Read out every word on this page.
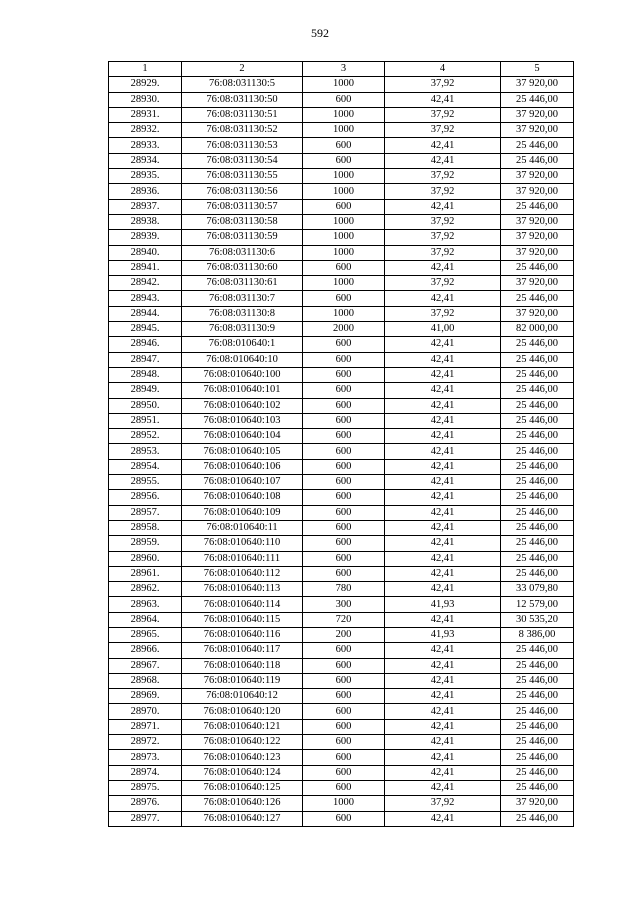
592
1	2	3	4	5
28929.	76:08:031130:5	1000	37,92	37 920,00
28930.	76:08:031130:50	600	42,41	25 446,00
28931.	76:08:031130:51	1000	37,92	37 920,00
28932.	76:08:031130:52	1000	37,92	37 920,00
28933.	76:08:031130:53	600	42,41	25 446,00
28934.	76:08:031130:54	600	42,41	25 446,00
28935.	76:08:031130:55	1000	37,92	37 920,00
28936.	76:08:031130:56	1000	37,92	37 920,00
28937.	76:08:031130:57	600	42,41	25 446,00
28938.	76:08:031130:58	1000	37,92	37 920,00
28939.	76:08:031130:59	1000	37,92	37 920,00
28940.	76:08:031130:6	1000	37,92	37 920,00
28941.	76:08:031130:60	600	42,41	25 446,00
28942.	76:08:031130:61	1000	37,92	37 920,00
28943.	76:08:031130:7	600	42,41	25 446,00
28944.	76:08:031130:8	1000	37,92	37 920,00
28945.	76:08:031130:9	2000	41,00	82 000,00
28946.	76:08:010640:1	600	42,41	25 446,00
28947.	76:08:010640:10	600	42,41	25 446,00
28948.	76:08:010640:100	600	42,41	25 446,00
28949.	76:08:010640:101	600	42,41	25 446,00
28950.	76:08:010640:102	600	42,41	25 446,00
28951.	76:08:010640:103	600	42,41	25 446,00
28952.	76:08:010640:104	600	42,41	25 446,00
28953.	76:08:010640:105	600	42,41	25 446,00
28954.	76:08:010640:106	600	42,41	25 446,00
28955.	76:08:010640:107	600	42,41	25 446,00
28956.	76:08:010640:108	600	42,41	25 446,00
28957.	76:08:010640:109	600	42,41	25 446,00
28958.	76:08:010640:11	600	42,41	25 446,00
28959.	76:08:010640:110	600	42,41	25 446,00
28960.	76:08:010640:111	600	42,41	25 446,00
28961.	76:08:010640:112	600	42,41	25 446,00
28962.	76:08:010640:113	780	42,41	33 079,80
28963.	76:08:010640:114	300	41,93	12 579,00
28964.	76:08:010640:115	720	42,41	30 535,20
28965.	76:08:010640:116	200	41,93	8 386,00
28966.	76:08:010640:117	600	42,41	25 446,00
28967.	76:08:010640:118	600	42,41	25 446,00
28968.	76:08:010640:119	600	42,41	25 446,00
28969.	76:08:010640:12	600	42,41	25 446,00
28970.	76:08:010640:120	600	42,41	25 446,00
28971.	76:08:010640:121	600	42,41	25 446,00
28972.	76:08:010640:122	600	42,41	25 446,00
28973.	76:08:010640:123	600	42,41	25 446,00
28974.	76:08:010640:124	600	42,41	25 446,00
28975.	76:08:010640:125	600	42,41	25 446,00
28976.	76:08:010640:126	1000	37,92	37 920,00
28977.	76:08:010640:127	600	42,41	25 446,00
